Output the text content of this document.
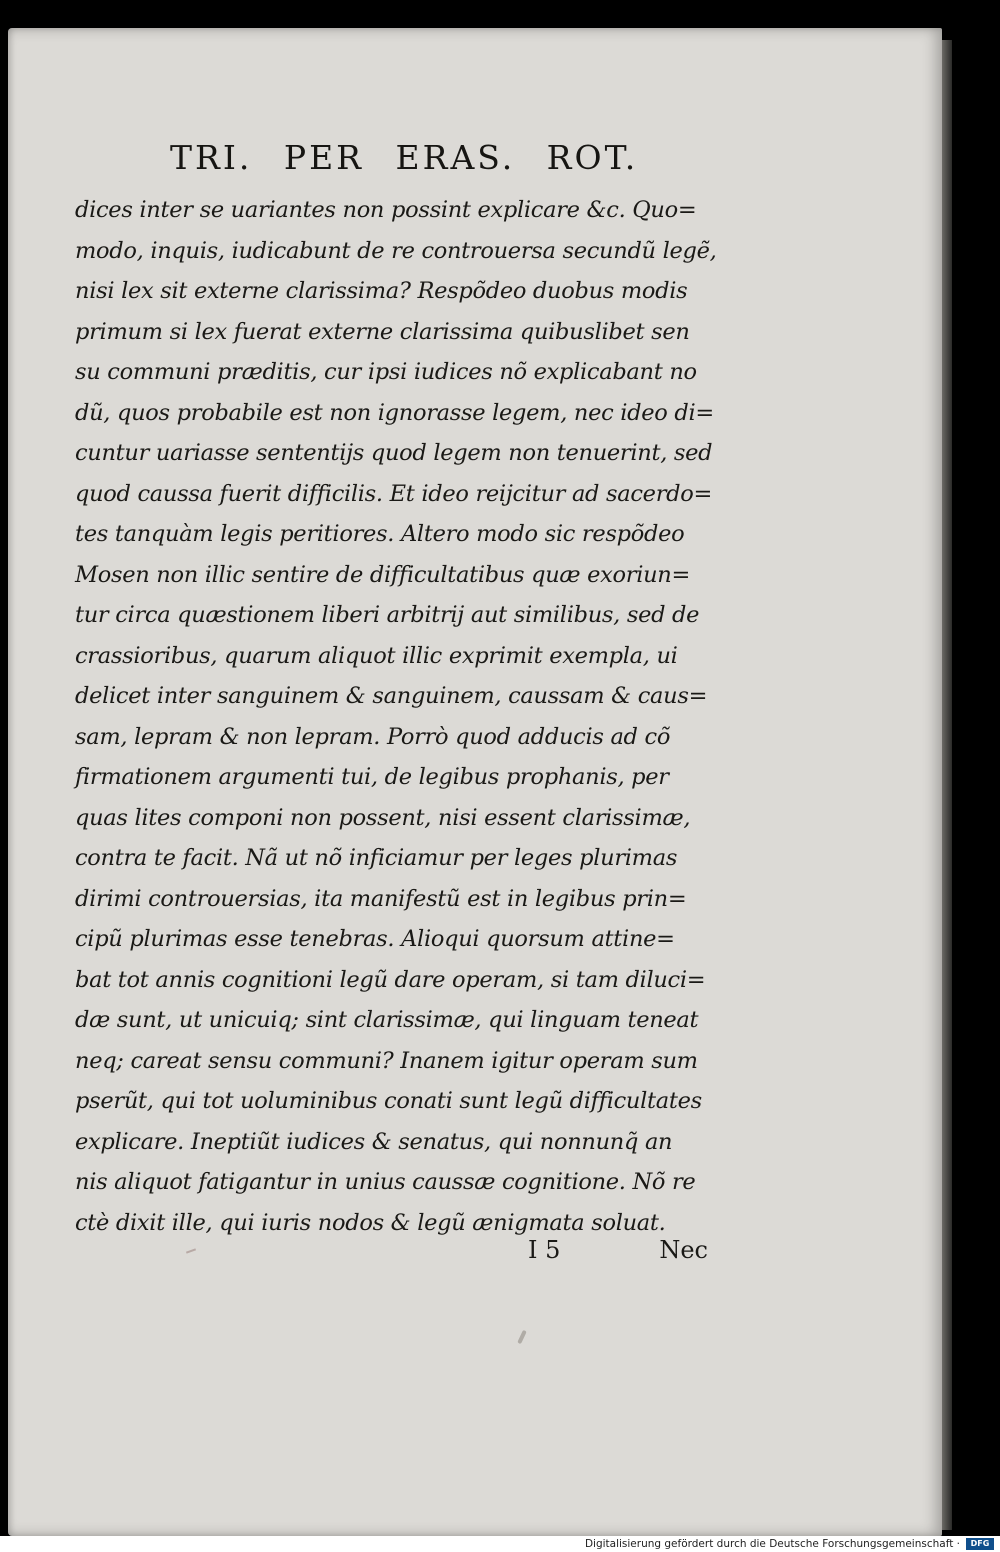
TRI. PER ERAS. ROT.
dices inter se uariantes non possint explicare &c. Quo=
modo, inquis, iudicabunt de re controuersa secundũ legẽ,
nisi lex sit externe clarissima? Respõdeo duobus modis
primum si lex fuerat externe clarissima quibuslibet sen
su communi præditis, cur ipsi iudices nõ explicabant no
dũ, quos probabile est non ignorasse legem, nec ideo di=
cuntur uariasse sententijs quod legem non tenuerint, sed
quod caussa fuerit difficilis. Et ideo reijcitur ad sacerdo=
tes tanquàm legis peritiores. Altero modo sic respõdeo
Mosen non illic sentire de difficultatibus quæ exoriun=
tur circa quæstionem liberi arbitrij aut similibus, sed de
crassioribus, quarum aliquot illic exprimit exempla, ui
delicet inter sanguinem & sanguinem, caussam & caus=
sam, lepram & non lepram. Porrò quod adducis ad cõ
firmationem argumenti tui, de legibus prophanis, per
quas lites componi non possent, nisi essent clarissimæ,
contra te facit. Nã ut nõ inficiamur per leges plurimas
dirimi controuersias, ita manifestũ est in legibus prin=
cipũ plurimas esse tenebras. Alioqui quorsum attine=
bat tot annis cognitioni legũ dare operam, si tam diluci=
dæ sunt, ut unicuiq; sint clarissimæ, qui linguam teneat
neq; careat sensu communi? Inanem igitur operam sum
pserũt, qui tot uoluminibus conati sunt legũ difficultates
explicare. Ineptiũt iudices & senatus, qui nonnunq̃ an
nis aliquot fatigantur in unius caussæ cognitione. Nõ re
ctè dixit ille, qui iuris nodos & legũ ænigmata soluat.
I 5	Nec
Digitalisierung gefördert durch die Deutsche Forschungsgemeinschaft ·	DFG
